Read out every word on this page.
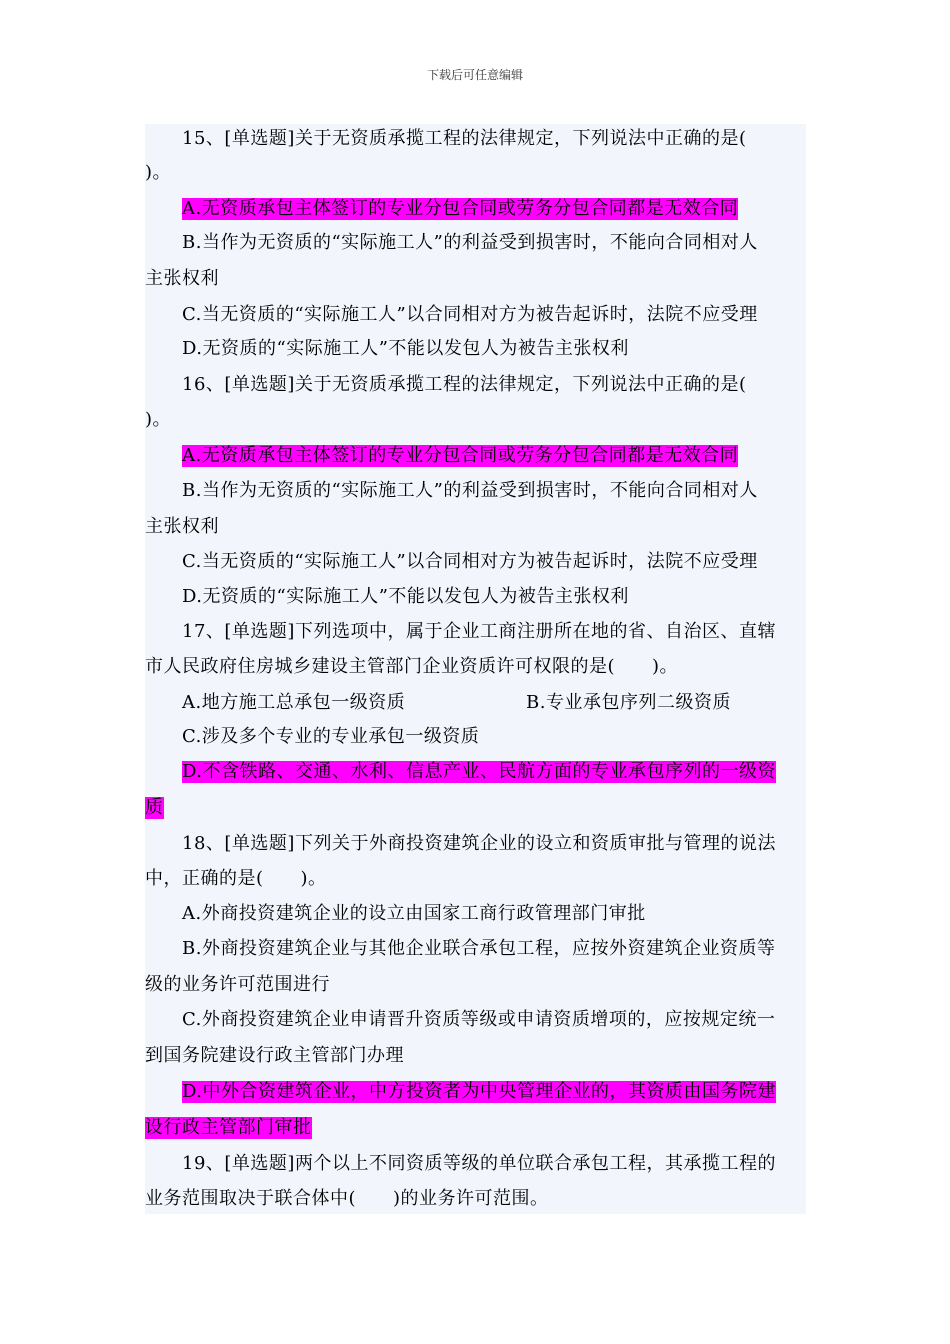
下载后可任意编辑
15、[单选题]关于无资质承揽工程的法律规定，下列说法中正确的是(
)。
A.无资质承包主体签订的专业分包合同或劳务分包合同都是无效合同
B.当作为无资质的“实际施工人”的利益受到损害时，不能向合同相对人
主张权利
C.当无资质的“实际施工人”以合同相对方为被告起诉时，法院不应受理
D.无资质的“实际施工人”不能以发包人为被告主张权利
16、[单选题]关于无资质承揽工程的法律规定，下列说法中正确的是(
)。
A.无资质承包主体签订的专业分包合同或劳务分包合同都是无效合同
B.当作为无资质的“实际施工人”的利益受到损害时，不能向合同相对人
主张权利
C.当无资质的“实际施工人”以合同相对方为被告起诉时，法院不应受理
D.无资质的“实际施工人”不能以发包人为被告主张权利
17、[单选题]下列选项中，属于企业工商注册所在地的省、自治区、直辖
市人民政府住房城乡建设主管部门企业资质许可权限的是(　　)。
A.地方施工总承包一级资质	B.专业承包序列二级资质
C.涉及多个专业的专业承包一级资质
D.不含铁路、交通、水利、信息产业、民航方面的专业承包序列的一级资
质
18、[单选题]下列关于外商投资建筑企业的设立和资质审批与管理的说法
中，正确的是(　　)。
A.外商投资建筑企业的设立由国家工商行政管理部门审批
B.外商投资建筑企业与其他企业联合承包工程，应按外资建筑企业资质等
级的业务许可范围进行
C.外商投资建筑企业申请晋升资质等级或申请资质增项的，应按规定统一
到国务院建设行政主管部门办理
D.中外合资建筑企业，中方投资者为中央管理企业的，其资质由国务院建
设行政主管部门审批
19、[单选题]两个以上不同资质等级的单位联合承包工程，其承揽工程的
业务范围取决于联合体中(　　)的业务许可范围。
